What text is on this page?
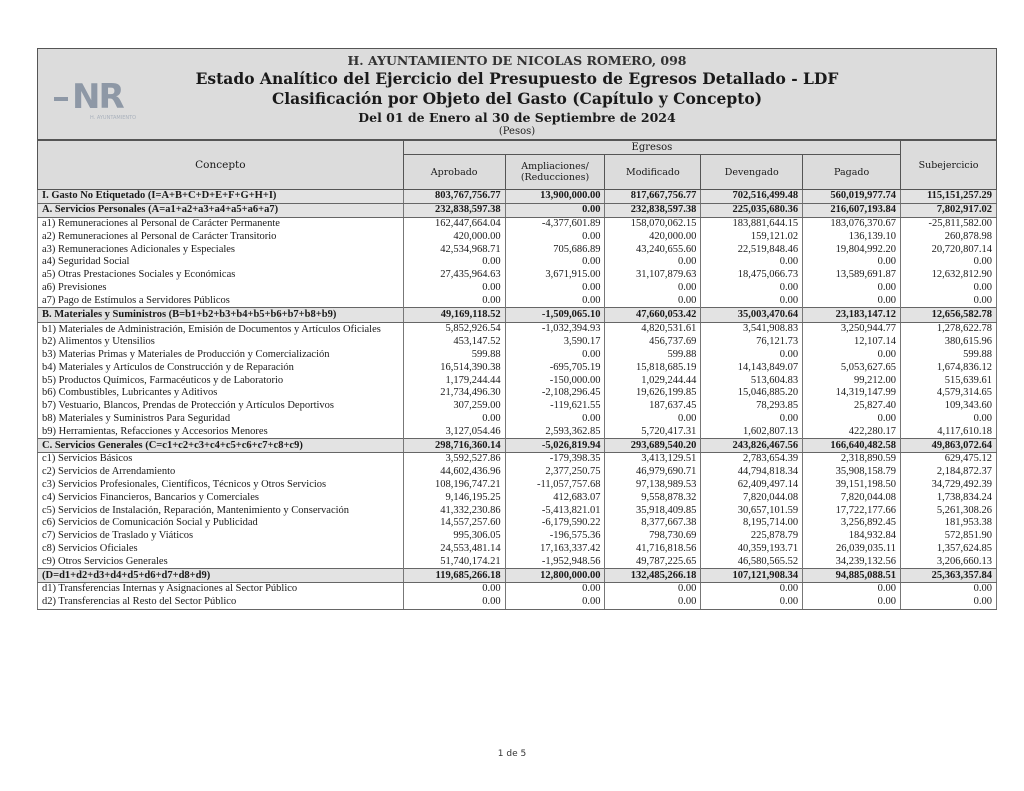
NR
H. AYUNTAMIENTO
H. AYUNTAMIENTO DE NICOLAS ROMERO, 098
Estado Analítico del Ejercicio del Presupuesto de Egresos Detallado - LDF
Clasificación por Objeto del Gasto (Capítulo y Concepto)
Del 01 de Enero al 30 de Septiembre de 2024
(Pesos)
Concepto	Egresos					Subejercicio
	Aprobado	Ampliaciones/ (Reducciones)	Modificado	Devengado	Pagado	
I. Gasto No Etiquetado (I=A+B+C+D+E+F+G+H+I)	803,767,756.77	13,900,000.00	817,667,756.77	702,516,499.48	560,019,977.74	115,151,257.29
A. Servicios Personales (A=a1+a2+a3+a4+a5+a6+a7)	232,838,597.38	0.00	232,838,597.38	225,035,680.36	216,607,193.84	7,802,917.02
a1) Remuneraciones al Personal de Carácter Permanente	162,447,664.04	-4,377,601.89	158,070,062.15	183,881,644.15	183,076,370.67	-25,811,582.00
a2) Remuneraciones al Personal de Carácter Transitorio	420,000.00	0.00	420,000.00	159,121.02	136,139.10	260,878.98
a3) Remuneraciones Adicionales y Especiales	42,534,968.71	705,686.89	43,240,655.60	22,519,848.46	19,804,992.20	20,720,807.14
a4) Seguridad Social	0.00	0.00	0.00	0.00	0.00	0.00
a5) Otras Prestaciones Sociales y Económicas	27,435,964.63	3,671,915.00	31,107,879.63	18,475,066.73	13,589,691.87	12,632,812.90
a6) Previsiones	0.00	0.00	0.00	0.00	0.00	0.00
a7) Pago de Estímulos a Servidores Públicos	0.00	0.00	0.00	0.00	0.00	0.00
B. Materiales y Suministros (B=b1+b2+b3+b4+b5+b6+b7+b8+b9)	49,169,118.52	-1,509,065.10	47,660,053.42	35,003,470.64	23,183,147.12	12,656,582.78
b1) Materiales de Administración, Emisión de Documentos y Artículos Oficiales	5,852,926.54	-1,032,394.93	4,820,531.61	3,541,908.83	3,250,944.77	1,278,622.78
b2) Alimentos y Utensilios	453,147.52	3,590.17	456,737.69	76,121.73	12,107.14	380,615.96
b3) Materias Primas y Materiales de Producción y Comercialización	599.88	0.00	599.88	0.00	0.00	599.88
b4) Materiales y Artículos de Construcción y de Reparación	16,514,390.38	-695,705.19	15,818,685.19	14,143,849.07	5,053,627.65	1,674,836.12
b5) Productos Químicos, Farmacéuticos y de Laboratorio	1,179,244.44	-150,000.00	1,029,244.44	513,604.83	99,212.00	515,639.61
b6) Combustibles, Lubricantes y Aditivos	21,734,496.30	-2,108,296.45	19,626,199.85	15,046,885.20	14,319,147.99	4,579,314.65
b7) Vestuario, Blancos, Prendas de Protección y Artículos Deportivos	307,259.00	-119,621.55	187,637.45	78,293.85	25,827.40	109,343.60
b8) Materiales y Suministros Para Seguridad	0.00	0.00	0.00	0.00	0.00	0.00
b9) Herramientas, Refacciones y Accesorios Menores	3,127,054.46	2,593,362.85	5,720,417.31	1,602,807.13	422,280.17	4,117,610.18
C. Servicios Generales (C=c1+c2+c3+c4+c5+c6+c7+c8+c9)	298,716,360.14	-5,026,819.94	293,689,540.20	243,826,467.56	166,640,482.58	49,863,072.64
c1) Servicios Básicos	3,592,527.86	-179,398.35	3,413,129.51	2,783,654.39	2,318,890.59	629,475.12
c2) Servicios de Arrendamiento	44,602,436.96	2,377,250.75	46,979,690.71	44,794,818.34	35,908,158.79	2,184,872.37
c3) Servicios Profesionales, Científicos, Técnicos y Otros Servicios	108,196,747.21	-11,057,757.68	97,138,989.53	62,409,497.14	39,151,198.50	34,729,492.39
c4) Servicios Financieros, Bancarios y Comerciales	9,146,195.25	412,683.07	9,558,878.32	7,820,044.08	7,820,044.08	1,738,834.24
c5) Servicios de Instalación, Reparación, Mantenimiento y Conservación	41,332,230.86	-5,413,821.01	35,918,409.85	30,657,101.59	17,722,177.66	5,261,308.26
c6) Servicios de Comunicación Social y Publicidad	14,557,257.60	-6,179,590.22	8,377,667.38	8,195,714.00	3,256,892.45	181,953.38
c7) Servicios de Traslado y Viáticos	995,306.05	-196,575.36	798,730.69	225,878.79	184,932.84	572,851.90
c8) Servicios Oficiales	24,553,481.14	17,163,337.42	41,716,818.56	40,359,193.71	26,039,035.11	1,357,624.85
c9) Otros Servicios Generales	51,740,174.21	-1,952,948.56	49,787,225.65	46,580,565.52	34,239,132.56	3,206,660.13
(D=d1+d2+d3+d4+d5+d6+d7+d8+d9)	119,685,266.18	12,800,000.00	132,485,266.18	107,121,908.34	94,885,088.51	25,363,357.84
d1) Transferencias Internas y Asignaciones al Sector Público	0.00	0.00	0.00	0.00	0.00	0.00
d2) Transferencias al Resto del Sector Público	0.00	0.00	0.00	0.00	0.00	0.00
1 de 5
